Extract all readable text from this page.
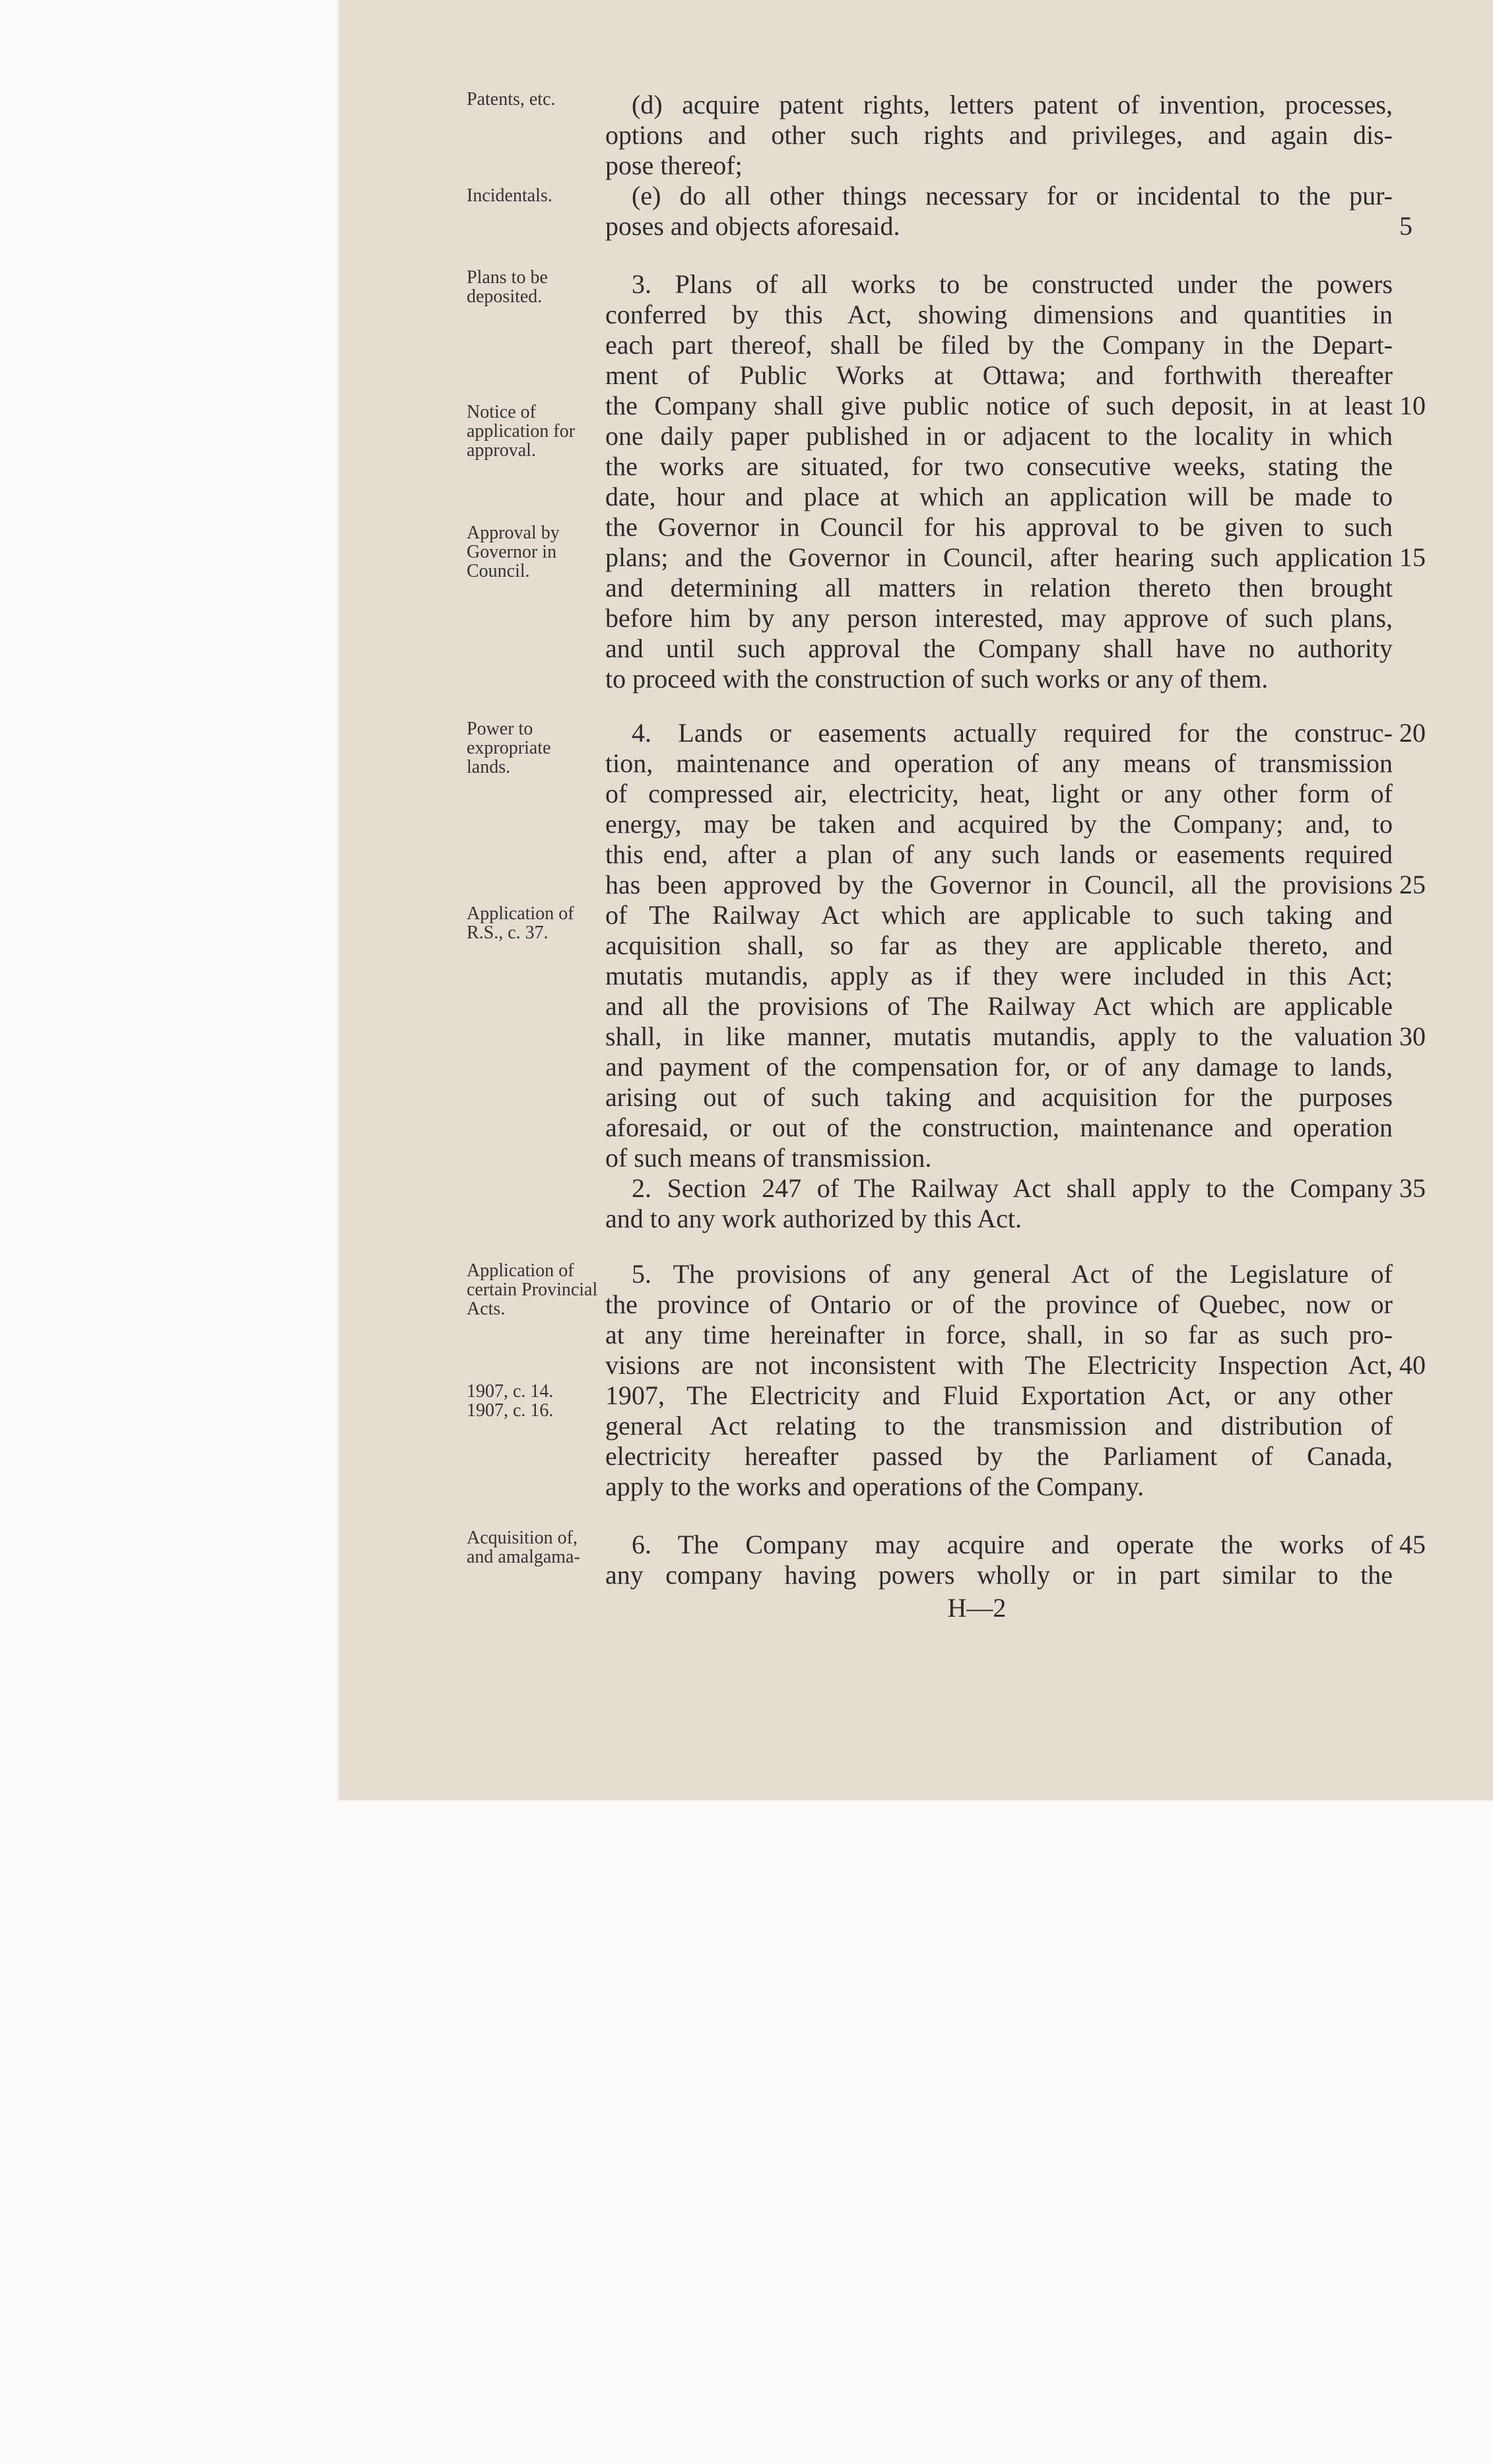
Patents, etc.
Incidentals.
Plans to be deposited.
Notice of application for approval.
Approval by Governor in Council.
Power to expropriate lands.
Application of R.S., c. 37.
Application of certain Provincial Acts.
1907, c. 14. 1907, c. 16.
Acquisition of, and amalgama-
(d) acquire patent rights, letters patent of invention, processes,
options and other such rights and privileges, and again dis-
pose thereof;
(e) do all other things necessary for or incidental to the pur-
poses and objects aforesaid.
3. Plans of all works to be constructed under the powers
conferred by this Act, showing dimensions and quantities in
each part thereof, shall be filed by the Company in the Depart-
ment of Public Works at Ottawa; and forthwith thereafter
the Company shall give public notice of such deposit, in at least
one daily paper published in or adjacent to the locality in which
the works are situated, for two consecutive weeks, stating the
date, hour and place at which an application will be made to
the Governor in Council for his approval to be given to such
plans; and the Governor in Council, after hearing such application
and determining all matters in relation thereto then brought
before him by any person interested, may approve of such plans,
and until such approval the Company shall have no authority
to proceed with the construction of such works or any of them.
4. Lands or easements actually required for the construc-
tion, maintenance and operation of any means of transmission
of compressed air, electricity, heat, light or any other form of
energy, may be taken and acquired by the Company; and, to
this end, after a plan of any such lands or easements required
has been approved by the Governor in Council, all the provisions
of The Railway Act which are applicable to such taking and
acquisition shall, so far as they are applicable thereto, and
mutatis mutandis, apply as if they were included in this Act;
and all the provisions of The Railway Act which are applicable
shall, in like manner, mutatis mutandis, apply to the valuation
and payment of the compensation for, or of any damage to lands,
arising out of such taking and acquisition for the purposes
aforesaid, or out of the construction, maintenance and operation
of such means of transmission.
2. Section 247 of The Railway Act shall apply to the Company
and to any work authorized by this Act.
5. The provisions of any general Act of the Legislature of
the province of Ontario or of the province of Quebec, now or
at any time hereinafter in force, shall, in so far as such pro-
visions are not inconsistent with The Electricity Inspection Act,
1907, The Electricity and Fluid Exportation Act, or any other
general Act relating to the transmission and distribution of
electricity hereafter passed by the Parliament of Canada,
apply to the works and operations of the Company.
6. The Company may acquire and operate the works of
any company having powers wholly or in part similar to the
5
10
15
20
25
30
35
40
45
H—2
